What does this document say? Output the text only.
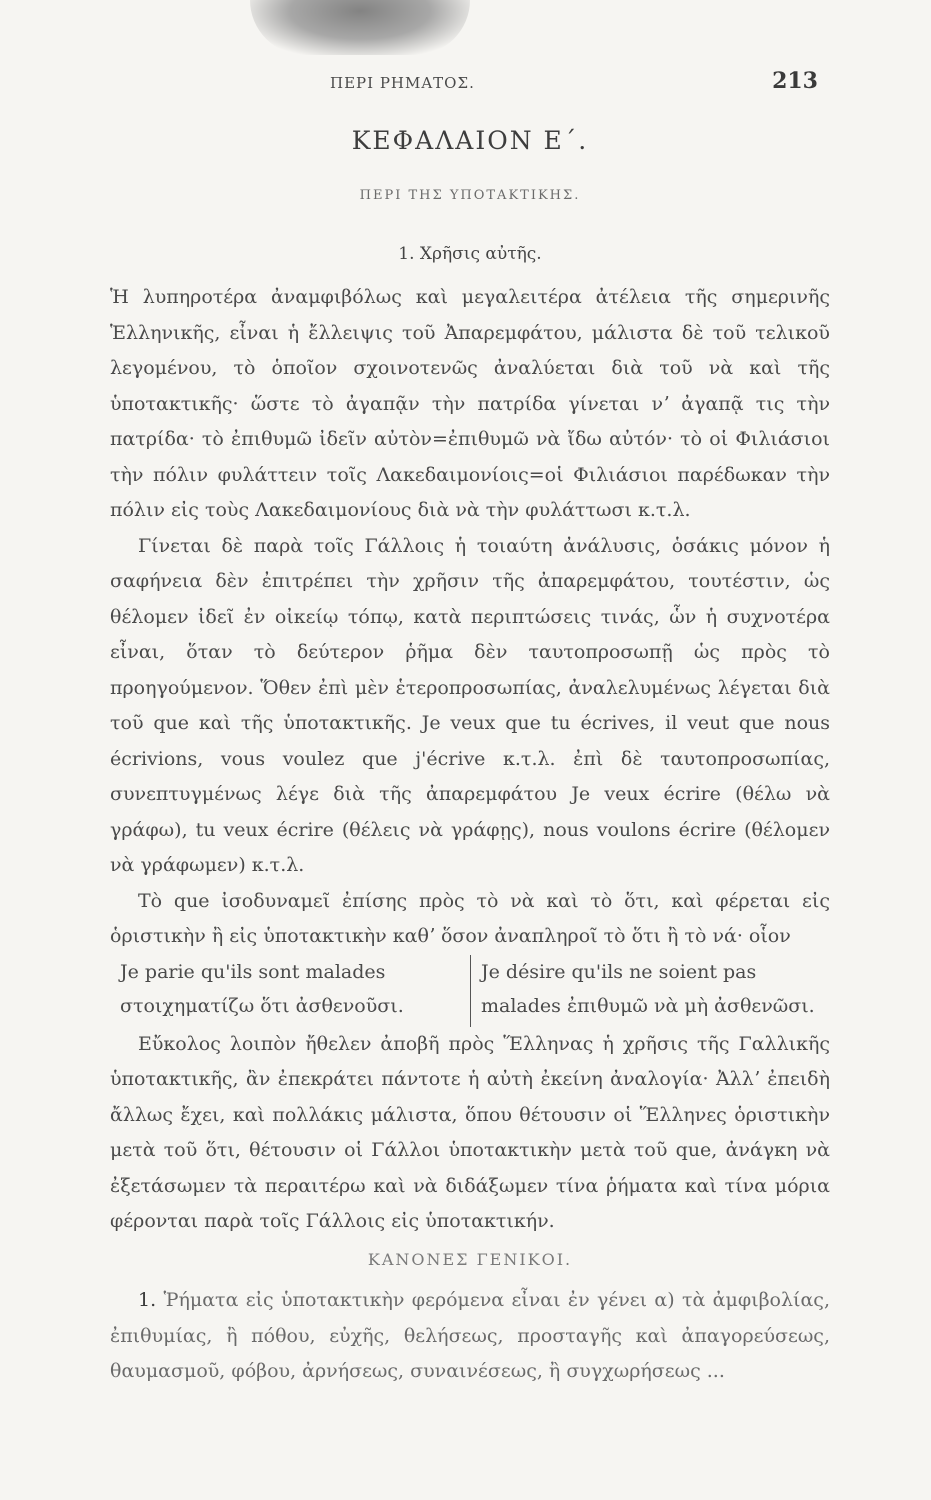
ΠΕΡΙ ΡΗΜΑΤΟΣ.	213
ΚΕΦΑΛΑΙΟΝ Ε΄.
ΠΕΡΙ ΤΗΣ ΥΠΟΤΑΚΤΙΚΗΣ.
1. Χρῆσις αὐτῆς.

Ἡ λυπηροτέρα ἀναμφιβόλως καὶ μεγαλειτέρα ἀτέλεια τῆς σημερινῆς Ἑλληνικῆς, εἶναι ἡ ἔλλειψις τοῦ Ἀπαρεμφάτου, μάλιστα δὲ τοῦ τελικοῦ λεγομένου, τὸ ὁποῖον σχοινοτενῶς ἀναλύεται διὰ τοῦ νὰ καὶ τῆς ὑποτακτικῆς· ὥστε τὸ ἀγαπᾷν τὴν πατρίδα γίνεται νʼ ἀγαπᾷ τις τὴν πατρίδα· τὸ ἐπιθυμῶ ἰδεῖν αὐτὸν=ἐπιθυμῶ νὰ ἴδω αὐτόν· τὸ οἱ Φιλιάσιοι τὴν πόλιν φυλάττειν τοῖς Λακεδαιμονίοις=οἱ Φιλιάσιοι παρέδωκαν τὴν πόλιν εἰς τοὺς Λακεδαιμονίους διὰ νὰ τὴν φυλάττωσι κ.τ.λ.

Γίνεται δὲ παρὰ τοῖς Γάλλοις ἡ τοιαύτη ἀνάλυσις, ὁσάκις μόνον ἡ σαφήνεια δὲν ἐπιτρέπει τὴν χρῆσιν τῆς ἀπαρεμφάτου, τουτέστιν, ὡς θέλομεν ἰδεῖ ἐν οἰκείῳ τόπῳ, κατὰ περιπτώσεις τινάς, ὧν ἡ συχνοτέρα εἶναι, ὅταν τὸ δεύτερον ῥῆμα δὲν ταυτοπροσωπῇ ὡς πρὸς τὸ προηγούμενον. Ὅθεν ἐπὶ μὲν ἑτεροπροσωπίας, ἀναλελυμένως λέγεται διὰ τοῦ que καὶ τῆς ὑποτακτικῆς. Je veux que tu écrives, il veut que nous écrivions, vous voulez que j'écrive κ.τ.λ. ἐπὶ δὲ ταυτοπροσωπίας, συνεπτυγμένως λέγε διὰ τῆς ἀπαρεμφάτου Je veux écrire (θέλω νὰ γράφω), tu veux écrire (θέλεις νὰ γράφῃς), nous voulons écrire (θέλομεν νὰ γράφωμεν) κ.τ.λ.

Τὸ que ἰσοδυναμεῖ ἐπίσης πρὸς τὸ νὰ καὶ τὸ ὅτι, καὶ φέρεται εἰς ὁριστικὴν ἢ εἰς ὑποτακτικὴν καθʼ ὅσον ἀναπληροῖ τὸ ὅτι ἢ τὸ νά· οἷον

Je parie qu'ils sont malades στοιχηματίζω ὅτι ἀσθενοῦσι.
Je désire qu'ils ne soient pas malades ἐπιθυμῶ νὰ μὴ ἀσθενῶσι.

Εὔκολος λοιπὸν ἤθελεν ἀποβῆ πρὸς Ἕλληνας ἡ χρῆσις τῆς Γαλλικῆς ὑποτακτικῆς, ἂν ἐπεκράτει πάντοτε ἡ αὐτὴ ἐκείνη ἀναλογία· Ἀλλʼ ἐπειδὴ ἄλλως ἔχει, καὶ πολλάκις μάλιστα, ὅπου θέτουσιν οἱ Ἕλληνες ὁριστικὴν μετὰ τοῦ ὅτι, θέτουσιν οἱ Γάλλοι ὑποτακτικὴν μετὰ τοῦ que, ἀνάγκη νὰ ἐξετάσωμεν τὰ περαιτέρω καὶ νὰ διδάξωμεν τίνα ῥήματα καὶ τίνα μόρια φέρονται παρὰ τοῖς Γάλλοις εἰς ὑποτακτικήν.

ΚΑΝΟΝΕΣ ΓΕΝΙΚΟΙ.

1. Ῥήματα εἰς ὑποτακτικὴν φερόμενα εἶναι ἐν γένει α) τὰ ἀμφιβολίας, ἐπιθυμίας, ἢ πόθου, εὐχῆς, θελήσεως, προσταγῆς καὶ ἀπαγορεύσεως, θαυμασμοῦ, φόβου, ἀρνήσεως, συναινέσεως, ἢ συγχωρήσεως ...
